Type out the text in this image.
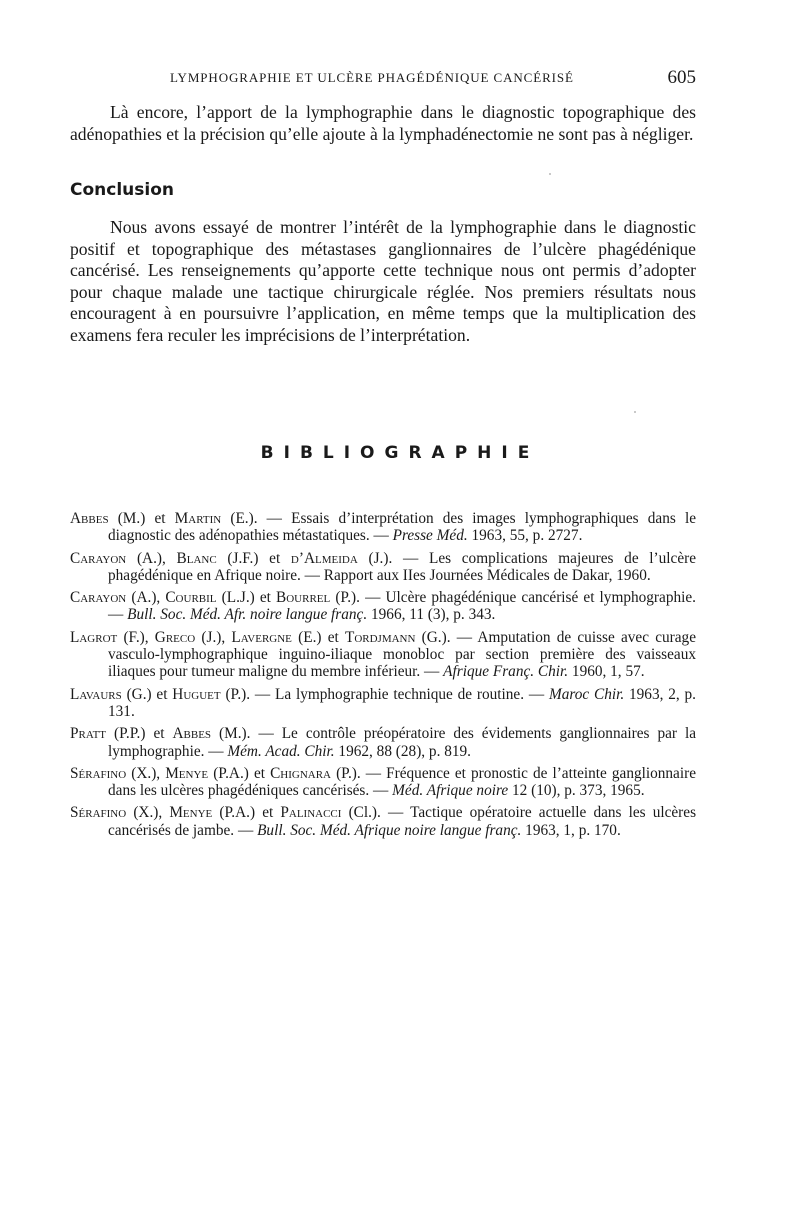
LYMPHOGRAPHIE ET ULCÈRE PHAGÉDÉNIQUE CANCÉRISÉ	605

Là encore, l’apport de la lymphographie dans le diagnostic topographique des adénopathies et la précision qu’elle ajoute à la lymphadénectomie ne sont pas à négliger.

Conclusion

Nous avons essayé de montrer l’intérêt de la lymphographie dans le diagnostic positif et topographique des métastases ganglionnaires de l’ulcère phagédénique cancérisé. Les renseignements qu’apporte cette technique nous ont permis d’adopter pour chaque malade une tactique chirurgicale réglée. Nos premiers résultats nous encouragent à en poursuivre l’application, en même temps que la multiplication des examens fera reculer les imprécisions de l’interprétation.

BIBLIOGRAPHIE
Abbes (M.) et Martin (E.). — Essais d’interprétation des images lymphographiques dans le diagnostic des adénopathies métastatiques. — Presse Méd. 1963, 55, p. 2727.
Carayon (A.), Blanc (J.F.) et d’Almeida (J.). — Les complications majeures de l’ulcère phagédénique en Afrique noire. — Rapport aux IIes Journées Médicales de Dakar, 1960.
Carayon (A.), Courbil (L.J.) et Bourrel (P.). — Ulcère phagédénique cancérisé et lymphographie. — Bull. Soc. Méd. Afr. noire langue franç. 1966, 11 (3), p. 343.
Lagrot (F.), Greco (J.), Lavergne (E.) et Tordjmann (G.). — Amputation de cuisse avec curage vasculo-lymphographique inguino-iliaque monobloc par section première des vaisseaux iliaques pour tumeur maligne du membre inférieur. — Afrique Franç. Chir. 1960, 1, 57.
Lavaurs (G.) et Huguet (P.). — La lymphographie technique de routine. — Maroc Chir. 1963, 2, p. 131.
Pratt (P.P.) et Abbes (M.). — Le contrôle préopératoire des évidements ganglionnaires par la lymphographie. — Mém. Acad. Chir. 1962, 88 (28), p. 819.
Sérafino (X.), Menye (P.A.) et Chignara (P.). — Fréquence et pronostic de l’atteinte ganglionnaire dans les ulcères phagédéniques cancérisés. — Méd. Afrique noire 12 (10), p. 373, 1965.
Sérafino (X.), Menye (P.A.) et Palinacci (Cl.). — Tactique opératoire actuelle dans les ulcères cancérisés de jambe. — Bull. Soc. Méd. Afrique noire langue franç. 1963, 1, p. 170.
